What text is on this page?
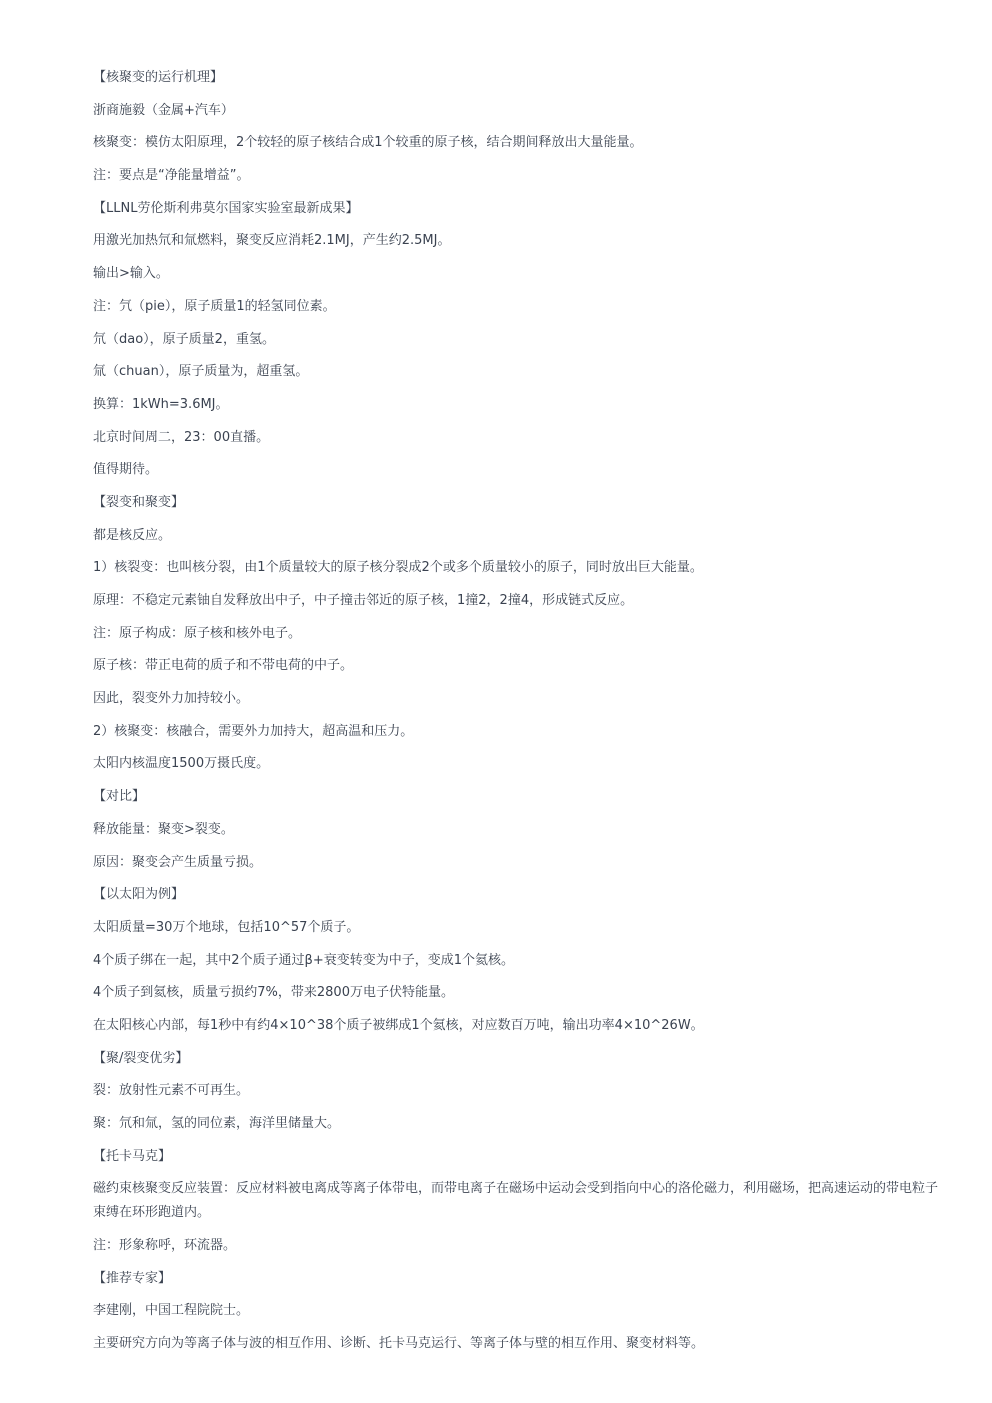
【核聚变的运行机理】

浙商施毅（金属+汽车）

核聚变：模仿太阳原理，2个较轻的原子核结合成1个较重的原子核，结合期间释放出大量能量。

注：要点是“净能量增益”。

【LLNL劳伦斯利弗莫尔国家实验室最新成果】

用激光加热氘和氚燃料，聚变反应消耗2.1MJ，产生约2.5MJ。

输出>输入。

注：氕（pie），原子质量1的轻氢同位素。

氘（dao），原子质量2，重氢。

氚（chuan），原子质量为，超重氢。

换算：1kWh=3.6MJ。

北京时间周二，23：00直播。

值得期待。

【裂变和聚变】

都是核反应。

1）核裂变：也叫核分裂，由1个质量较大的原子核分裂成2个或多个质量较小的原子，同时放出巨大能量。

原理：不稳定元素铀自发释放出中子，中子撞击邻近的原子核，1撞2，2撞4，形成链式反应。

注：原子构成：原子核和核外电子。

原子核：带正电荷的质子和不带电荷的中子。

因此，裂变外力加持较小。

2）核聚变：核融合，需要外力加持大，超高温和压力。

太阳内核温度1500万摄氏度。

【对比】

释放能量：聚变>裂变。

原因：聚变会产生质量亏损。

【以太阳为例】

太阳质量=30万个地球，包括10^57个质子。

4个质子绑在一起，其中2个质子通过β+衰变转变为中子，变成1个氦核。

4个质子到氦核，质量亏损约7%，带来2800万电子伏特能量。

在太阳核心内部，每1秒中有约4×10^38个质子被绑成1个氦核，对应数百万吨，输出功率4×10^26W。

【聚/裂变优劣】

裂：放射性元素不可再生。

聚：氘和氚，氢的同位素，海洋里储量大。

【托卡马克】

磁约束核聚变反应装置：反应材料被电离成等离子体带电，而带电离子在磁场中运动会受到指向中心的洛伦磁力，利用磁场，把高速运动的带电粒子束缚在环形跑道内。

注：形象称呼，环流器。

【推荐专家】

李建刚，中国工程院院士。

主要研究方向为等离子体与波的相互作用、诊断、托卡马克运行、等离子体与壁的相互作用、聚变材料等。
